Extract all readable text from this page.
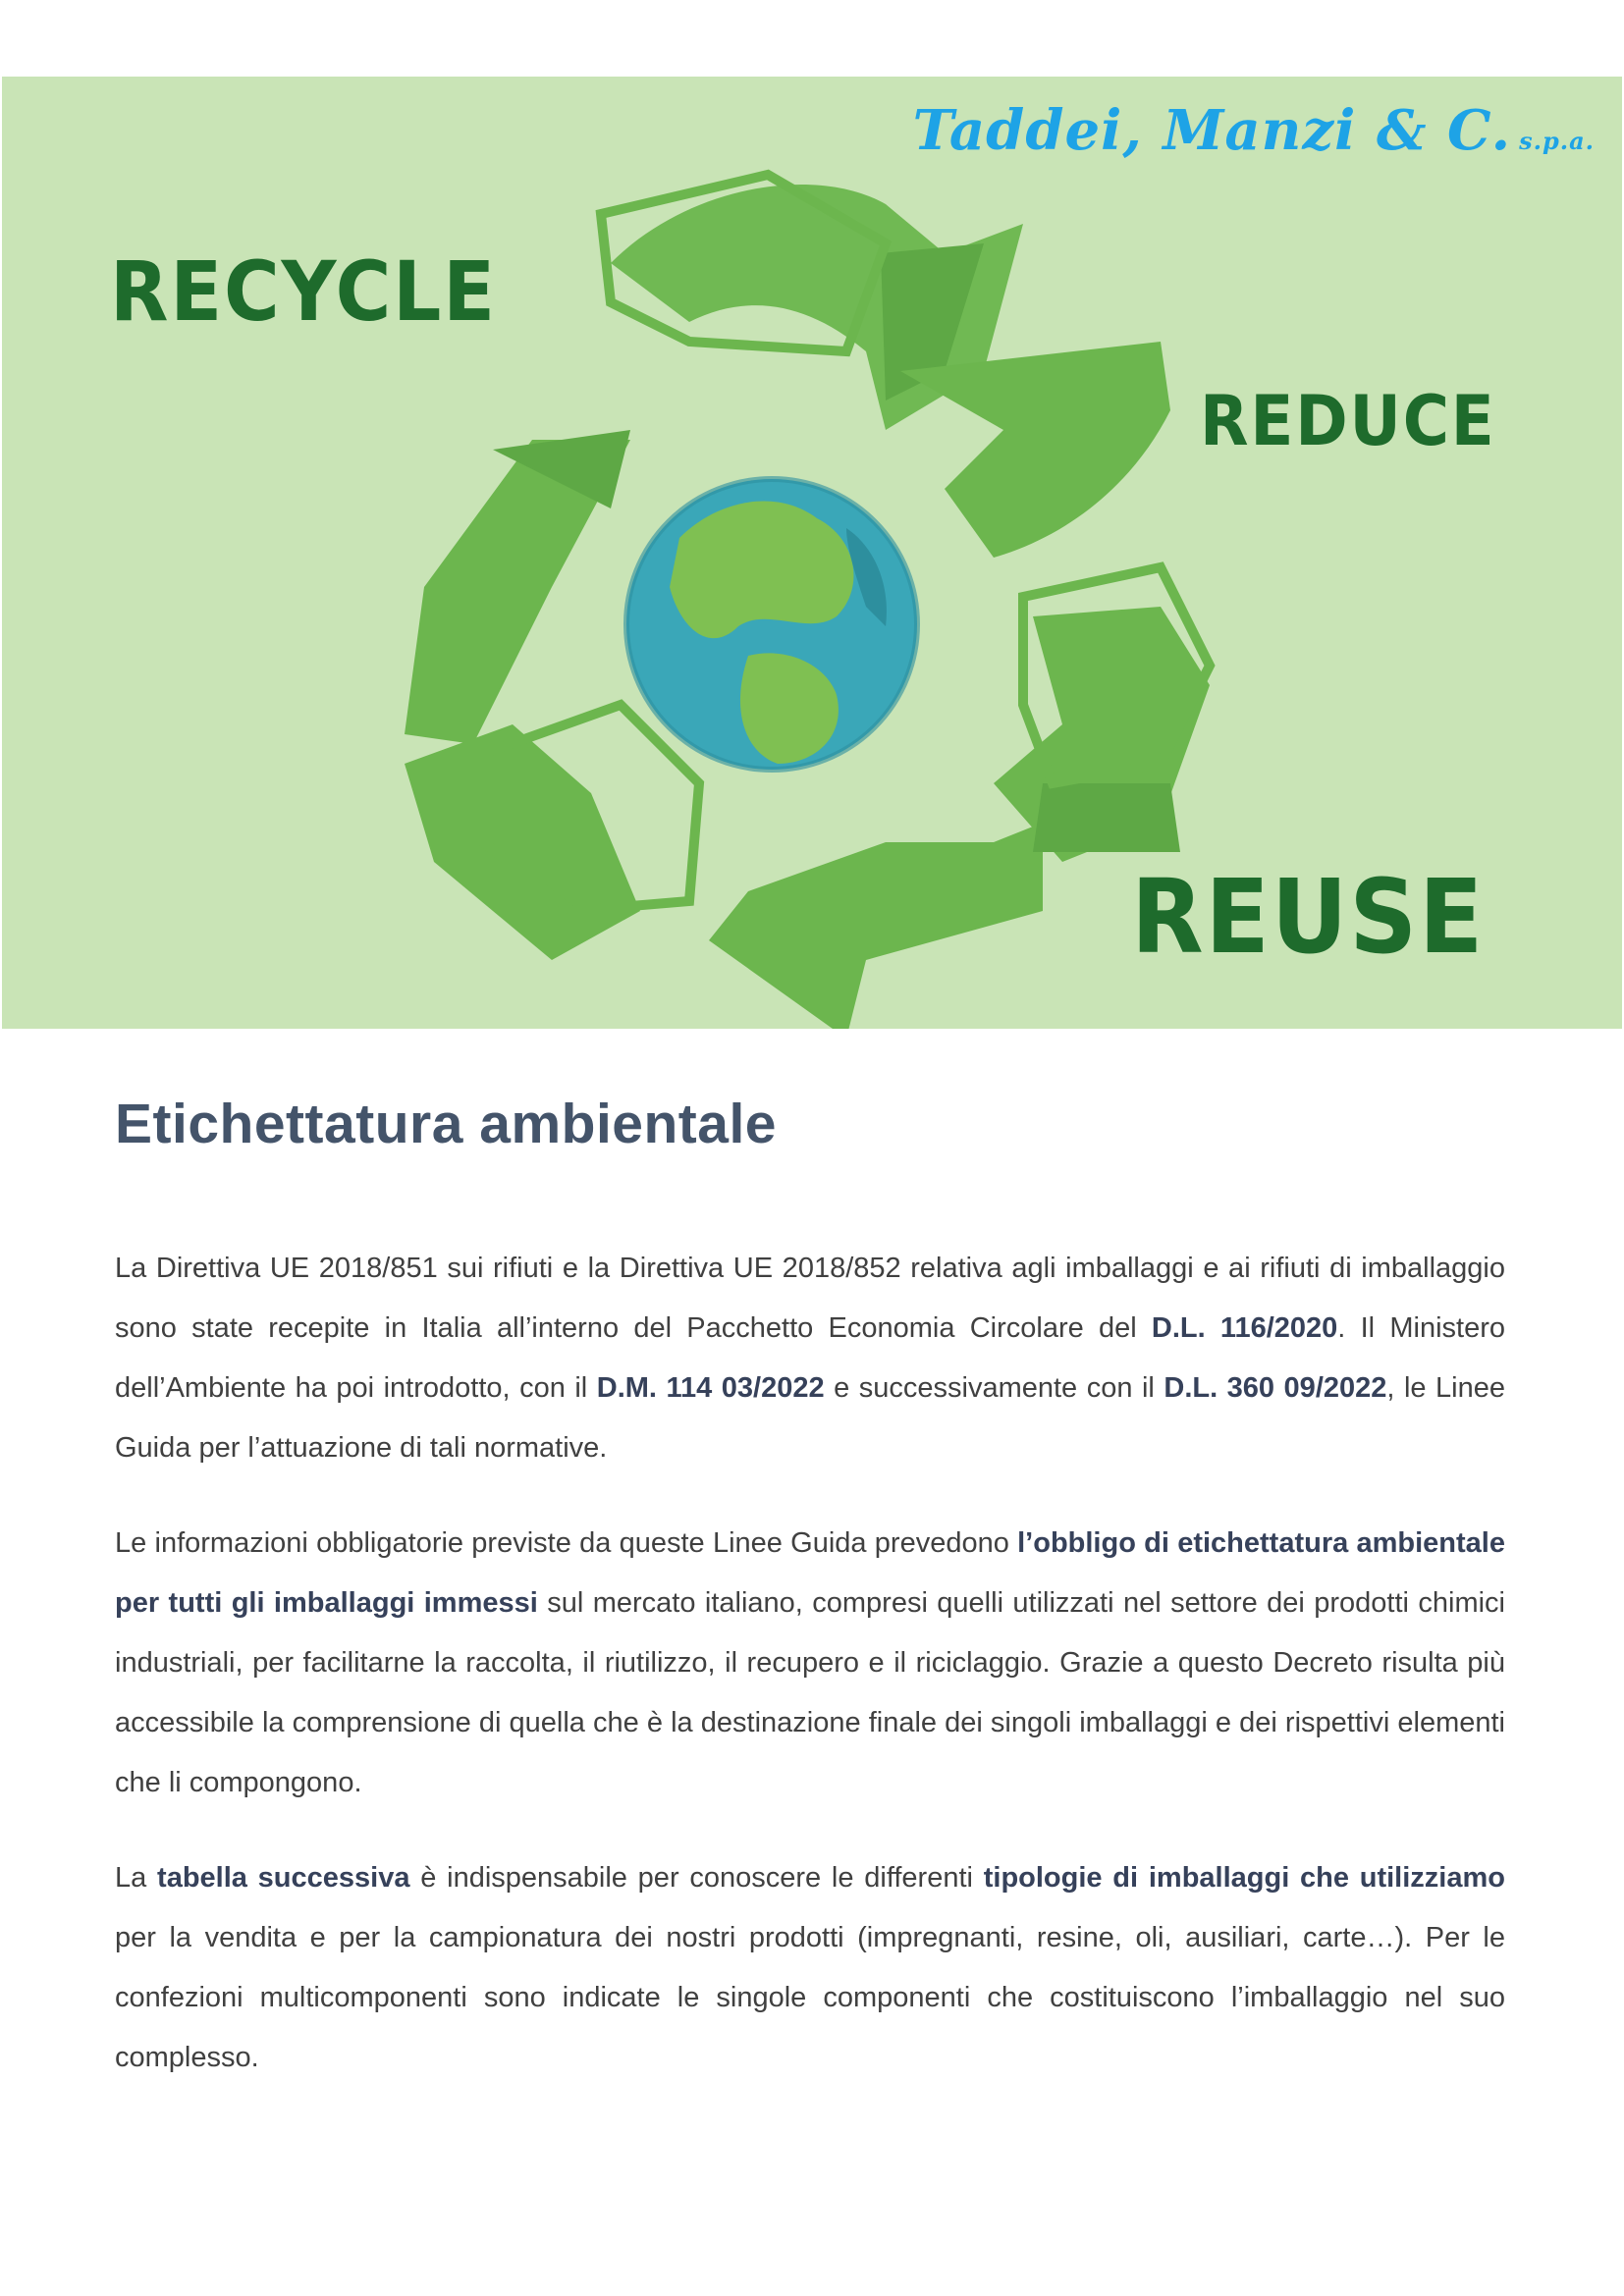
Taddei, Manzi & C. s.p.a.
RECYCLE
REDUCE
REUSE
Etichettatura ambientale

La Direttiva UE 2018/851 sui rifiuti e la Direttiva UE 2018/852 relativa agli imballaggi e ai rifiuti di imballaggio sono state recepite in Italia all’interno del Pacchetto Economia Circolare del D.L. 116/2020. Il Ministero dell’Ambiente ha poi introdotto, con il D.M. 114 03/2022 e successivamente con il D.L. 360 09/2022, le Linee Guida per l’attuazione di tali normative.

Le informazioni obbligatorie previste da queste Linee Guida prevedono l’obbligo di etichettatura ambientale per tutti gli imballaggi immessi sul mercato italiano, compresi quelli utilizzati nel settore dei prodotti chimici industriali, per facilitarne la raccolta, il riutilizzo, il recupero e il riciclaggio. Grazie a questo Decreto risulta più accessibile la comprensione di quella che è la destinazione finale dei singoli imballaggi e dei rispettivi elementi che li compongono.

La tabella successiva è indispensabile per conoscere le differenti tipologie di imballaggi che utilizziamo per la vendita e per la campionatura dei nostri prodotti (impregnanti, resine, oli, ausiliari, carte…). Per le confezioni multicomponenti sono indicate le singole componenti che costituiscono l’imballaggio nel suo complesso.
